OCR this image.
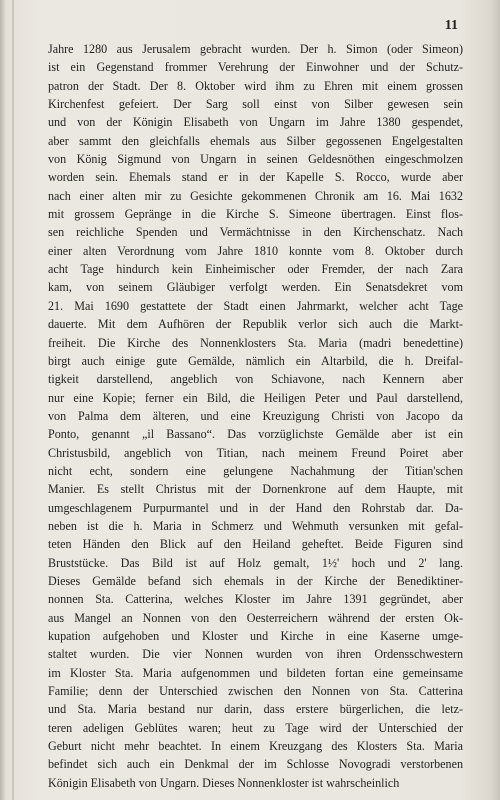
11
Jahre 1280 aus Jerusalem gebracht wurden. Der h. Simon (oder Simeon)
ist ein Gegenstand frommer Verehrung der Einwohner und der Schutz-
patron der Stadt. Der 8. Oktober wird ihm zu Ehren mit einem grossen
Kirchenfest gefeiert. Der Sarg soll einst von Silber gewesen sein
und von der Königin Elisabeth von Ungarn im Jahre 1380 gespendet,
aber sammt den gleichfalls ehemals aus Silber gegossenen Engelgestalten
von König Sigmund von Ungarn in seinen Geldesnöthen eingeschmolzen
worden sein. Ehemals stand er in der Kapelle S. Rocco, wurde aber
nach einer alten mir zu Gesichte gekommenen Chronik am 16. Mai 1632
mit grossem Gepränge in die Kirche S. Simeone übertragen. Einst flos-
sen reichliche Spenden und Vermächtnisse in den Kirchenschatz. Nach
einer alten Verordnung vom Jahre 1810 konnte vom 8. Oktober durch
acht Tage hindurch kein Einheimischer oder Fremder, der nach Zara
kam, von seinem Gläubiger verfolgt werden. Ein Senatsdekret vom
21. Mai 1690 gestattete der Stadt einen Jahrmarkt, welcher acht Tage
dauerte. Mit dem Aufhören der Republik verlor sich auch die Markt-
freiheit. Die Kirche des Nonnenklosters Sta. Maria (madri benedettine)
birgt auch einige gute Gemälde, nämlich ein Altarbild, die h. Dreifal-
tigkeit darstellend, angeblich von Schiavone, nach Kennern aber
nur eine Kopie; ferner ein Bild, die Heiligen Peter und Paul darstellend,
von Palma dem älteren, und eine Kreuzigung Christi von Jacopo da
Ponto, genannt „il Bassano“. Das vorzüglichste Gemälde aber ist ein
Christusbild, angeblich von Titian, nach meinem Freund Poiret aber
nicht echt, sondern eine gelungene Nachahmung der Titian'schen
Manier. Es stellt Christus mit der Dornenkrone auf dem Haupte, mit
umgeschlagenem Purpurmantel und in der Hand den Rohrstab dar. Da-
neben ist die h. Maria in Schmerz und Wehmuth versunken mit gefal-
teten Händen den Blick auf den Heiland geheftet. Beide Figuren sind
Bruststücke. Das Bild ist auf Holz gemalt, 1½' hoch und 2' lang.
Dieses Gemälde befand sich ehemals in der Kirche der Benediktiner-
nonnen Sta. Catterina, welches Kloster im Jahre 1391 gegründet, aber
aus Mangel an Nonnen von den Oesterreichern während der ersten Ok-
kupation aufgehoben und Kloster und Kirche in eine Kaserne umge-
staltet wurden. Die vier Nonnen wurden von ihren Ordensschwestern
im Kloster Sta. Maria aufgenommen und bildeten fortan eine gemeinsame
Familie; denn der Unterschied zwischen den Nonnen von Sta. Catterina
und Sta. Maria bestand nur darin, dass erstere bürgerlichen, die letz-
teren adeligen Geblütes waren; heut zu Tage wird der Unterschied der
Geburt nicht mehr beachtet. In einem Kreuzgang des Klosters Sta. Maria
befindet sich auch ein Denkmal der im Schlosse Novogradi verstorbenen
Königin Elisabeth von Ungarn. Dieses Nonnenkloster ist wahrscheinlich
